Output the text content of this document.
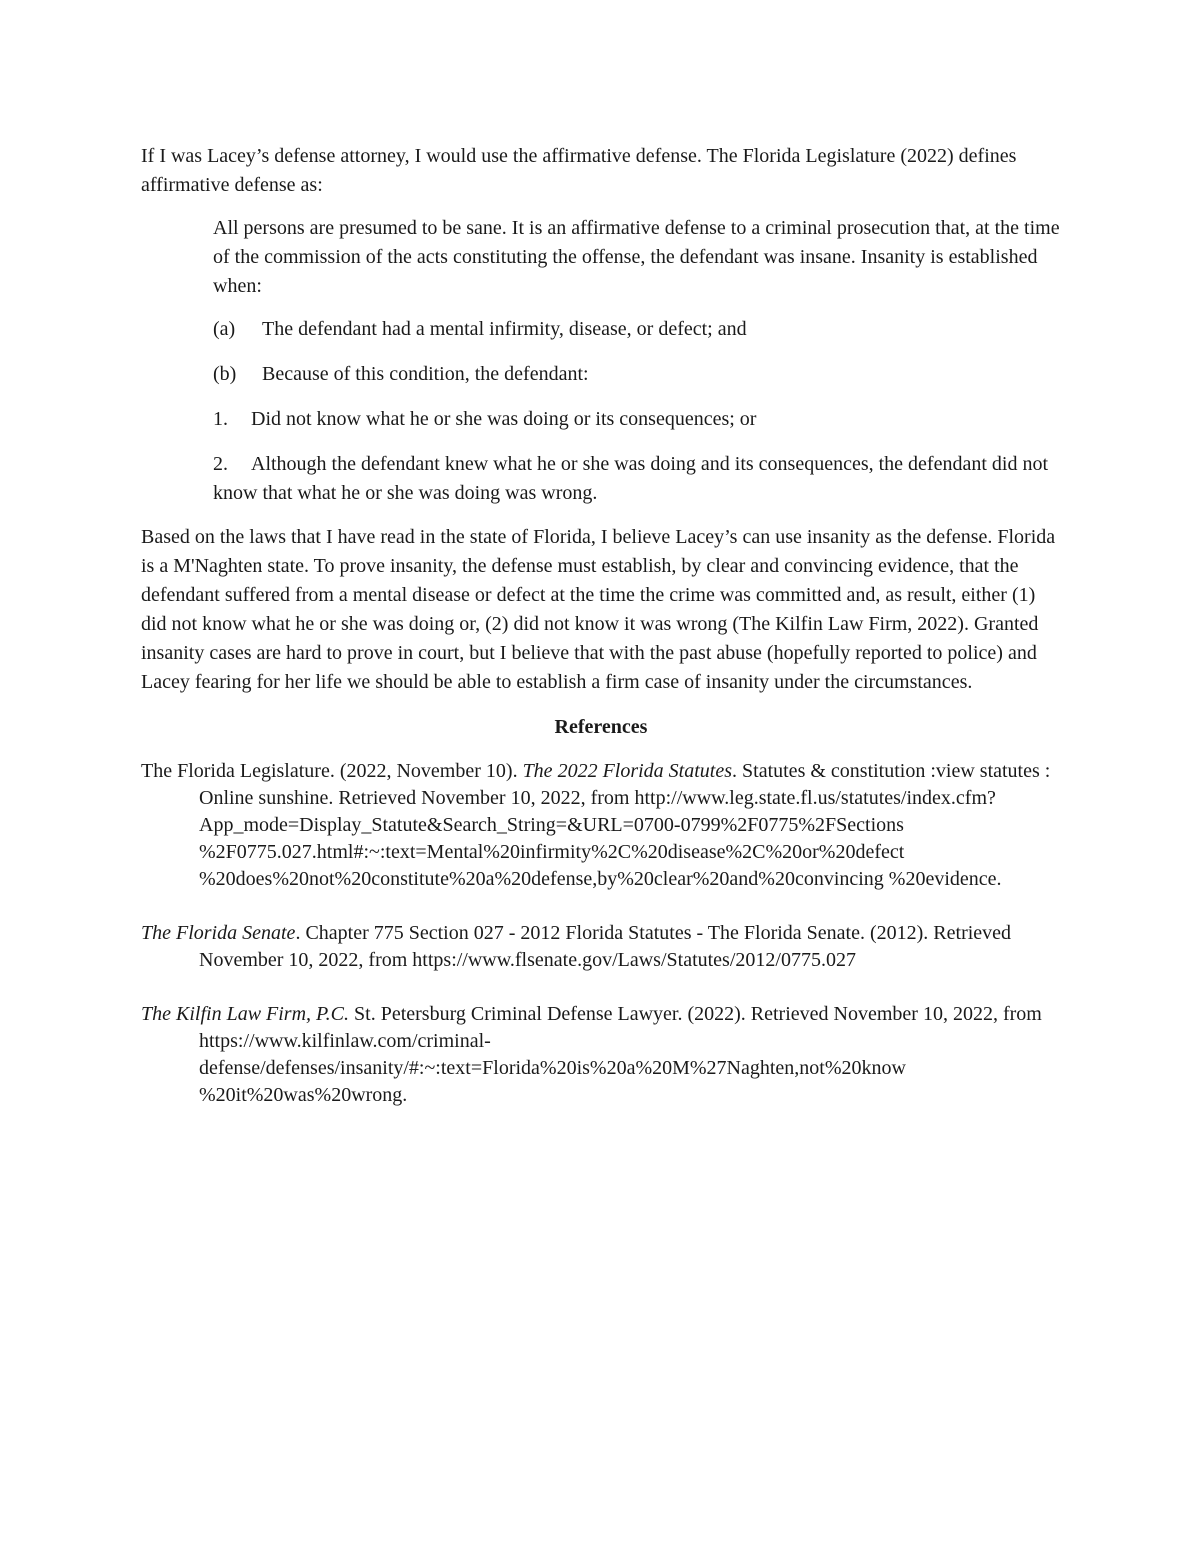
If I was Lacey’s defense attorney, I would use the affirmative defense. The Florida Legislature (2022) defines affirmative defense as:

All persons are presumed to be sane. It is an affirmative defense to a criminal prosecution that, at the time of the commission of the acts constituting the offense, the defendant was insane. Insanity is established when:

(a) The defendant had a mental infirmity, disease, or defect; and

(b) Because of this condition, the defendant:

1. Did not know what he or she was doing or its consequences; or

2. Although the defendant knew what he or she was doing and its consequences, the defendant did not know that what he or she was doing was wrong.

Based on the laws that I have read in the state of Florida, I believe Lacey’s can use insanity as the defense. Florida is a M'Naghten state. To prove insanity, the defense must establish, by clear and convincing evidence, that the defendant suffered from a mental disease or defect at the time the crime was committed and, as result, either (1) did not know what he or she was doing or, (2) did not know it was wrong (The Kilfin Law Firm, 2022). Granted insanity cases are hard to prove in court, but I believe that with the past abuse (hopefully reported to police) and Lacey fearing for her life we should be able to establish a firm case of insanity under the circumstances.

References

The Florida Legislature. (2022, November 10). The 2022 Florida Statutes. Statutes & constitution :view statutes : Online sunshine. Retrieved November 10, 2022, from http://www.leg.state.fl.us/statutes/index.cfm? App_mode=Display_Statute&Search_String=&URL=0700-0799%2F0775%2FSections %2F0775.027.html#:~:text=Mental%20infirmity%2C%20disease%2C%20or%20defect %20does%20not%20constitute%20a%20defense,by%20clear%20and%20convincing %20evidence.

The Florida Senate. Chapter 775 Section 027 - 2012 Florida Statutes - The Florida Senate. (2012). Retrieved November 10, 2022, from https://www.flsenate.gov/Laws/Statutes/2012/0775.027

The Kilfin Law Firm, P.C. St. Petersburg Criminal Defense Lawyer. (2022). Retrieved November 10, 2022, from https://www.kilfinlaw.com/criminal-defense/defenses/insanity/#:~:text=Florida%20is%20a%20M%27Naghten,not%20know %20it%20was%20wrong.
